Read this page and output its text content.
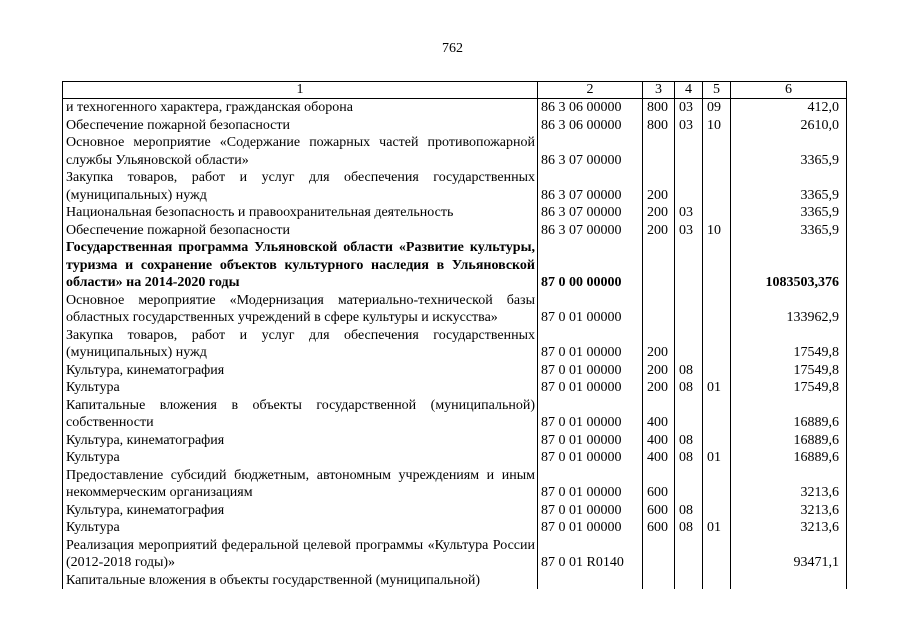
762
1	2	3	4	5	6
и техногенного характера, гражданская оборона	86 3 06 00000	800	03	09	412,0
Обеспечение пожарной безопасности	86 3 06 00000	800	03	10	2610,0
Основное мероприятие «Содержание пожарных частей противопожарной службы Ульяновской области»	86 3 07 00000				3365,9
Закупка товаров, работ и услуг для обеспечения государственных (муниципальных) нужд	86 3 07 00000	200			3365,9
Национальная безопасность и правоохранительная деятельность	86 3 07 00000	200	03		3365,9
Обеспечение пожарной безопасности	86 3 07 00000	200	03	10	3365,9
Государственная программа Ульяновской области «Развитие культуры, туризма и сохранение объектов культурного наследия в Ульяновской области» на 2014-2020 годы	87 0 00 00000				1083503,376
Основное мероприятие «Модернизация материально-технической базы областных государственных учреждений в сфере культуры и искусства»	87 0 01 00000				133962,9
Закупка товаров, работ и услуг для обеспечения государственных (муниципальных) нужд	87 0 01 00000	200			17549,8
Культура, кинематография	87 0 01 00000	200	08		17549,8
Культура	87 0 01 00000	200	08	01	17549,8
Капитальные вложения в объекты государственной (муниципальной) собственности	87 0 01 00000	400			16889,6
Культура, кинематография	87 0 01 00000	400	08		16889,6
Культура	87 0 01 00000	400	08	01	16889,6
Предоставление субсидий бюджетным, автономным учреждениям и иным некоммерческим организациям	87 0 01 00000	600			3213,6
Культура, кинематография	87 0 01 00000	600	08		3213,6
Культура	87 0 01 00000	600	08	01	3213,6
Реализация мероприятий федеральной целевой программы «Культура России (2012-2018 годы)»	87 0 01 R0140				93471,1
Капитальные вложения в объекты государственной (муниципальной)					
